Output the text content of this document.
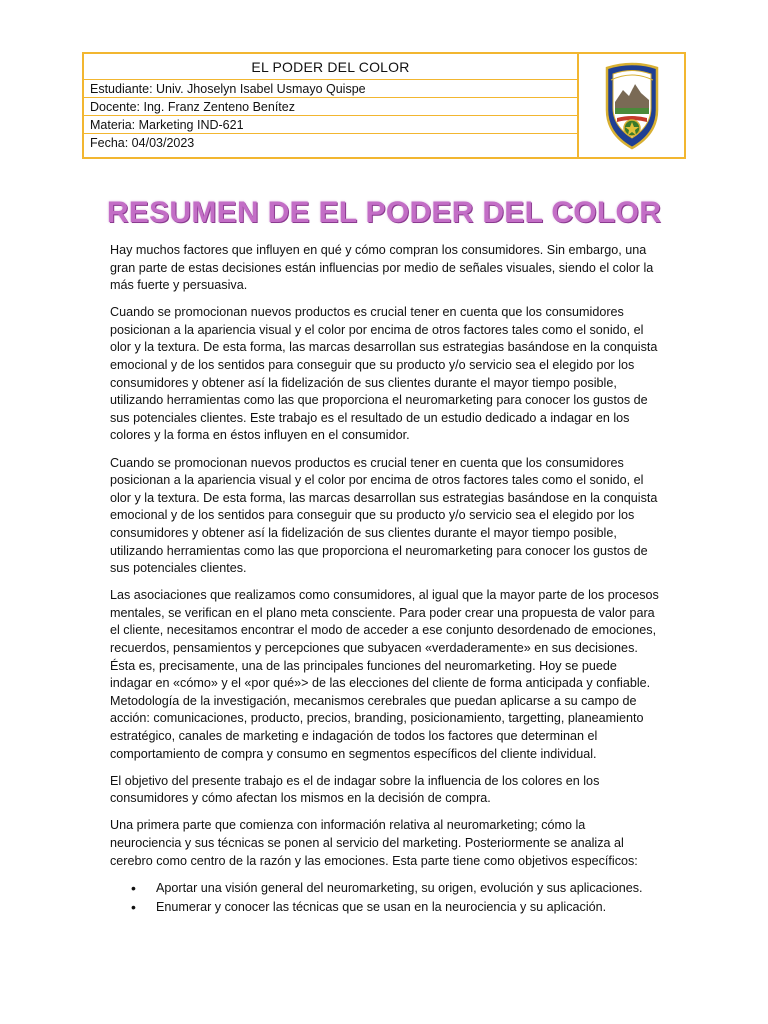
EL PODER DEL COLOR
Estudiante: Univ. Jhoselyn Isabel Usmayo Quispe
Docente: Ing. Franz Zenteno Benítez
Materia: Marketing IND-621
Fecha: 04/03/2023
RESUMEN DE EL PODER DEL COLOR

Hay muchos factores que influyen en qué y cómo compran los consumidores. Sin embargo, una gran parte de estas decisiones están influencias por medio de señales visuales, siendo el color la más fuerte y persuasiva.

Cuando se promocionan nuevos productos es crucial tener en cuenta que los consumidores posicionan a la apariencia visual y el color por encima de otros factores tales como el sonido, el olor y la textura. De esta forma, las marcas desarrollan sus estrategias basándose en la conquista emocional y de los sentidos para conseguir que su producto y/o servicio sea el elegido por los consumidores y obtener así la fidelización de sus clientes durante el mayor tiempo posible, utilizando herramientas como las que proporciona el neuromarketing para conocer los gustos de sus potenciales clientes. Este trabajo es el resultado de un estudio dedicado a indagar en los colores y la forma en éstos influyen en el consumidor.

Cuando se promocionan nuevos productos es crucial tener en cuenta que los consumidores posicionan a la apariencia visual y el color por encima de otros factores tales como el sonido, el olor y la textura. De esta forma, las marcas desarrollan sus estrategias basándose en la conquista emocional y de los sentidos para conseguir que su producto y/o servicio sea el elegido por los consumidores y obtener así la fidelización de sus clientes durante el mayor tiempo posible, utilizando herramientas como las que proporciona el neuromarketing para conocer los gustos de sus potenciales clientes.

Las asociaciones que realizamos como consumidores, al igual que la mayor parte de los procesos mentales, se verifican en el plano meta consciente. Para poder crear una propuesta de valor para el cliente, necesitamos encontrar el modo de acceder a ese conjunto desordenado de emociones, recuerdos, pensamientos y percepciones que subyacen «verdaderamente» en sus decisiones. Ésta es, precisamente, una de las principales funciones del neuromarketing. Hoy se puede indagar en «cómo» y el «por qué»> de las elecciones del cliente de forma anticipada y confiable. Metodología de la investigación, mecanismos cerebrales que puedan aplicarse a su campo de acción: comunicaciones, producto, precios, branding, posicionamiento, targetting, planeamiento estratégico, canales de marketing e indagación de todos los factores que determinan el comportamiento de compra y consumo en segmentos específicos del cliente individual.

El objetivo del presente trabajo es el de indagar sobre la influencia de los colores en los consumidores y cómo afectan los mismos en la decisión de compra.

Una primera parte que comienza con información relativa al neuromarketing; cómo la neurociencia y sus técnicas se ponen al servicio del marketing. Posteriormente se analiza al cerebro como centro de la razón y las emociones. Esta parte tiene como objetivos específicos:

• Aportar una visión general del neuromarketing, su origen, evolución y sus aplicaciones.
• Enumerar y conocer las técnicas que se usan en la neurociencia y su aplicación.
